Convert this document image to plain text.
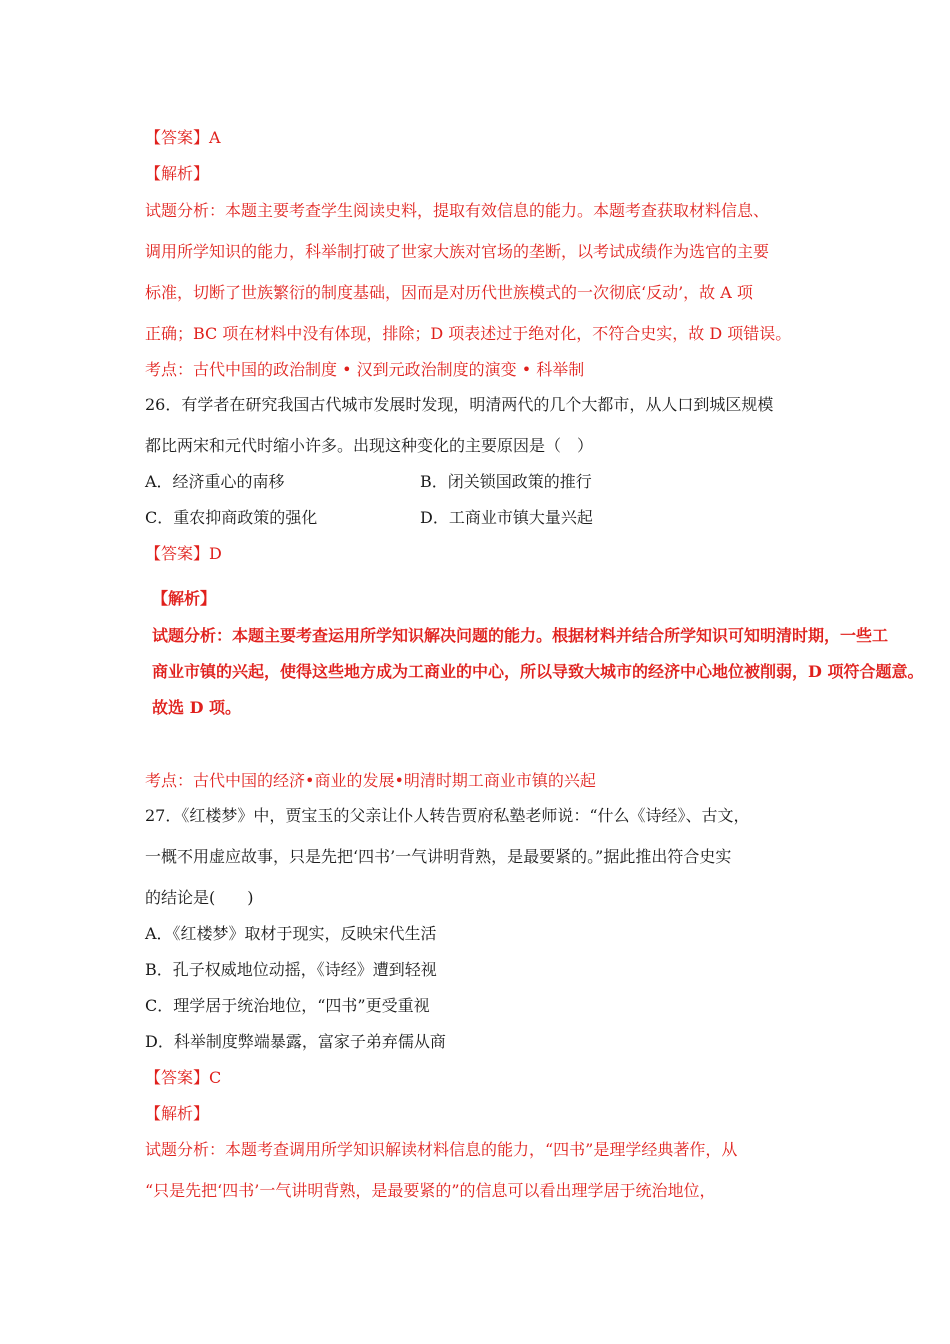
【答案】A
【解析】
试题分析：本题主要考查学生阅读史料，提取有效信息的能力。本题考查获取材料信息、
调用所学知识的能力，科举制打破了世家大族对官场的垄断，以考试成绩作为选官的主要
标准，切断了世族繁衍的制度基础，因而是对历代世族模式的一次彻底‘反动’，故 A 项
正确；BC 项在材料中没有体现，排除；D 项表述过于绝对化，不符合史实，故 D 项错误。
考点：古代中国的政治制度 • 汉到元政治制度的演变 • 科举制
26．有学者在研究我国古代城市发展时发现，明清两代的几个大都市，从人口到城区规模
都比两宋和元代时缩小许多。出现这种变化的主要原因是（　）
A．经济重心的南移	B．闭关锁国政策的推行
C．重农抑商政策的强化	D．工商业市镇大量兴起
【答案】D
【解析】
试题分析：本题主要考查运用所学知识解决问题的能力。根据材料并结合所学知识可知明清时期，一些工
商业市镇的兴起，使得这些地方成为工商业的中心，所以导致大城市的经济中心地位被削弱，D 项符合题意。
故选 D 项。
考点：古代中国的经济•商业的发展•明清时期工商业市镇的兴起
27．《红楼梦》中，贾宝玉的父亲让仆人转告贾府私塾老师说：“什么《诗经》、古文，
一概不用虚应故事，只是先把‘四书’一气讲明背熟，是最要紧的。”据此推出符合史实
的结论是(　　)
A．《红楼梦》取材于现实，反映宋代生活
B．孔子权威地位动摇，《诗经》遭到轻视
C．理学居于统治地位，“四书”更受重视
D．科举制度弊端暴露，富家子弟弃儒从商
【答案】C
【解析】
试题分析：本题考查调用所学知识解读材料信息的能力，“四书”是理学经典著作，从
“只是先把‘四书’一气讲明背熟，是最要紧的”的信息可以看出理学居于统治地位，
